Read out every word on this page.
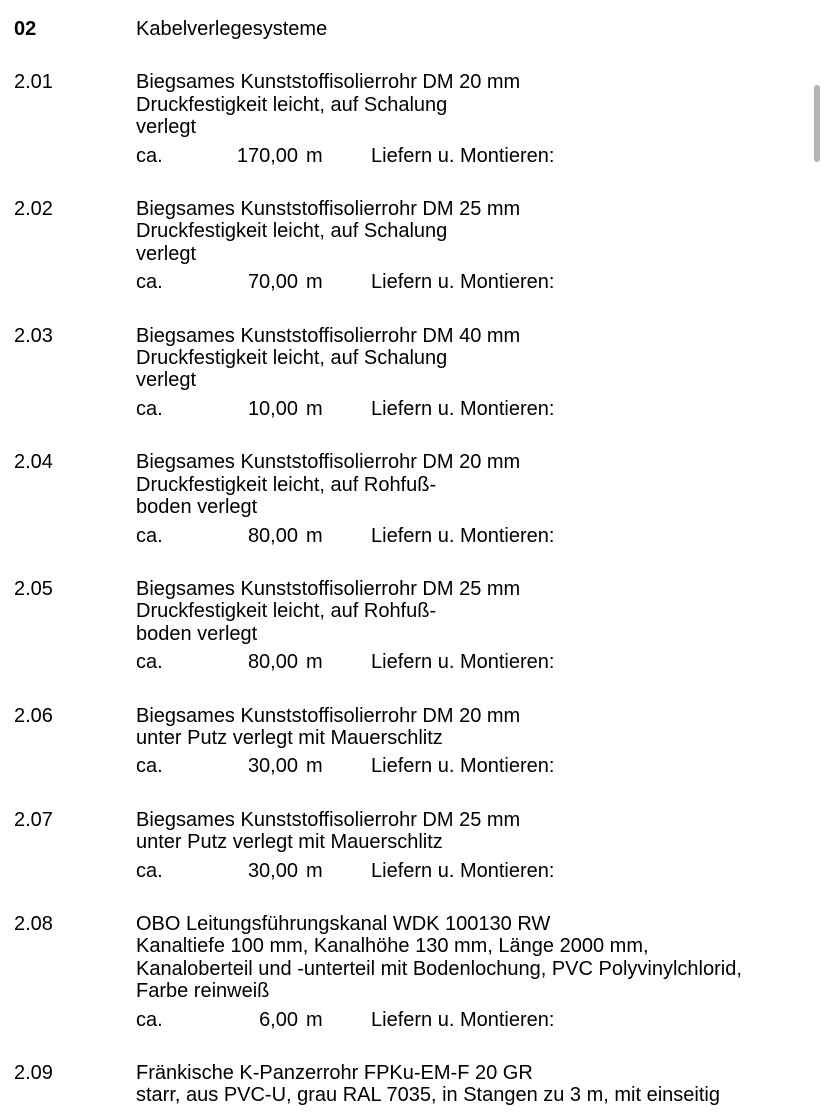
02	Kabelverlegesysteme
2.01	Biegsames Kunststoffisolierrohr DM 20 mm
Druckfestigkeit leicht, auf Schalung
verlegt
ca.	170,00 m Liefern u. Montieren:
2.02	Biegsames Kunststoffisolierrohr DM 25 mm
Druckfestigkeit leicht, auf Schalung
verlegt
ca.	70,00 m Liefern u. Montieren:
2.03	Biegsames Kunststoffisolierrohr DM 40 mm
Druckfestigkeit leicht, auf Schalung
verlegt
ca.	10,00 m Liefern u. Montieren:
2.04	Biegsames Kunststoffisolierrohr DM 20 mm
Druckfestigkeit leicht, auf Rohfuß-
boden verlegt
ca.	80,00 m Liefern u. Montieren:
2.05	Biegsames Kunststoffisolierrohr DM 25 mm
Druckfestigkeit leicht, auf Rohfuß-
boden verlegt
ca.	80,00 m Liefern u. Montieren:
2.06	Biegsames Kunststoffisolierrohr DM 20 mm
unter Putz verlegt mit Mauerschlitz
ca.	30,00 m Liefern u. Montieren:
2.07	Biegsames Kunststoffisolierrohr DM 25 mm
unter Putz verlegt mit Mauerschlitz
ca.	30,00 m Liefern u. Montieren:
2.08	OBO Leitungsführungskanal WDK 100130 RW
Kanaltiefe 100 mm, Kanalhöhe 130 mm, Länge 2000 mm,
Kanaloberteil und -unterteil mit Bodenlochung, PVC Polyvinylchlorid,
Farbe reinweiß
ca.	6,00 m Liefern u. Montieren:
2.09	Fränkische K-Panzerrohr FPKu-EM-F 20 GR
starr, aus PVC-U, grau RAL 7035, in Stangen zu 3 m, mit einseitig
